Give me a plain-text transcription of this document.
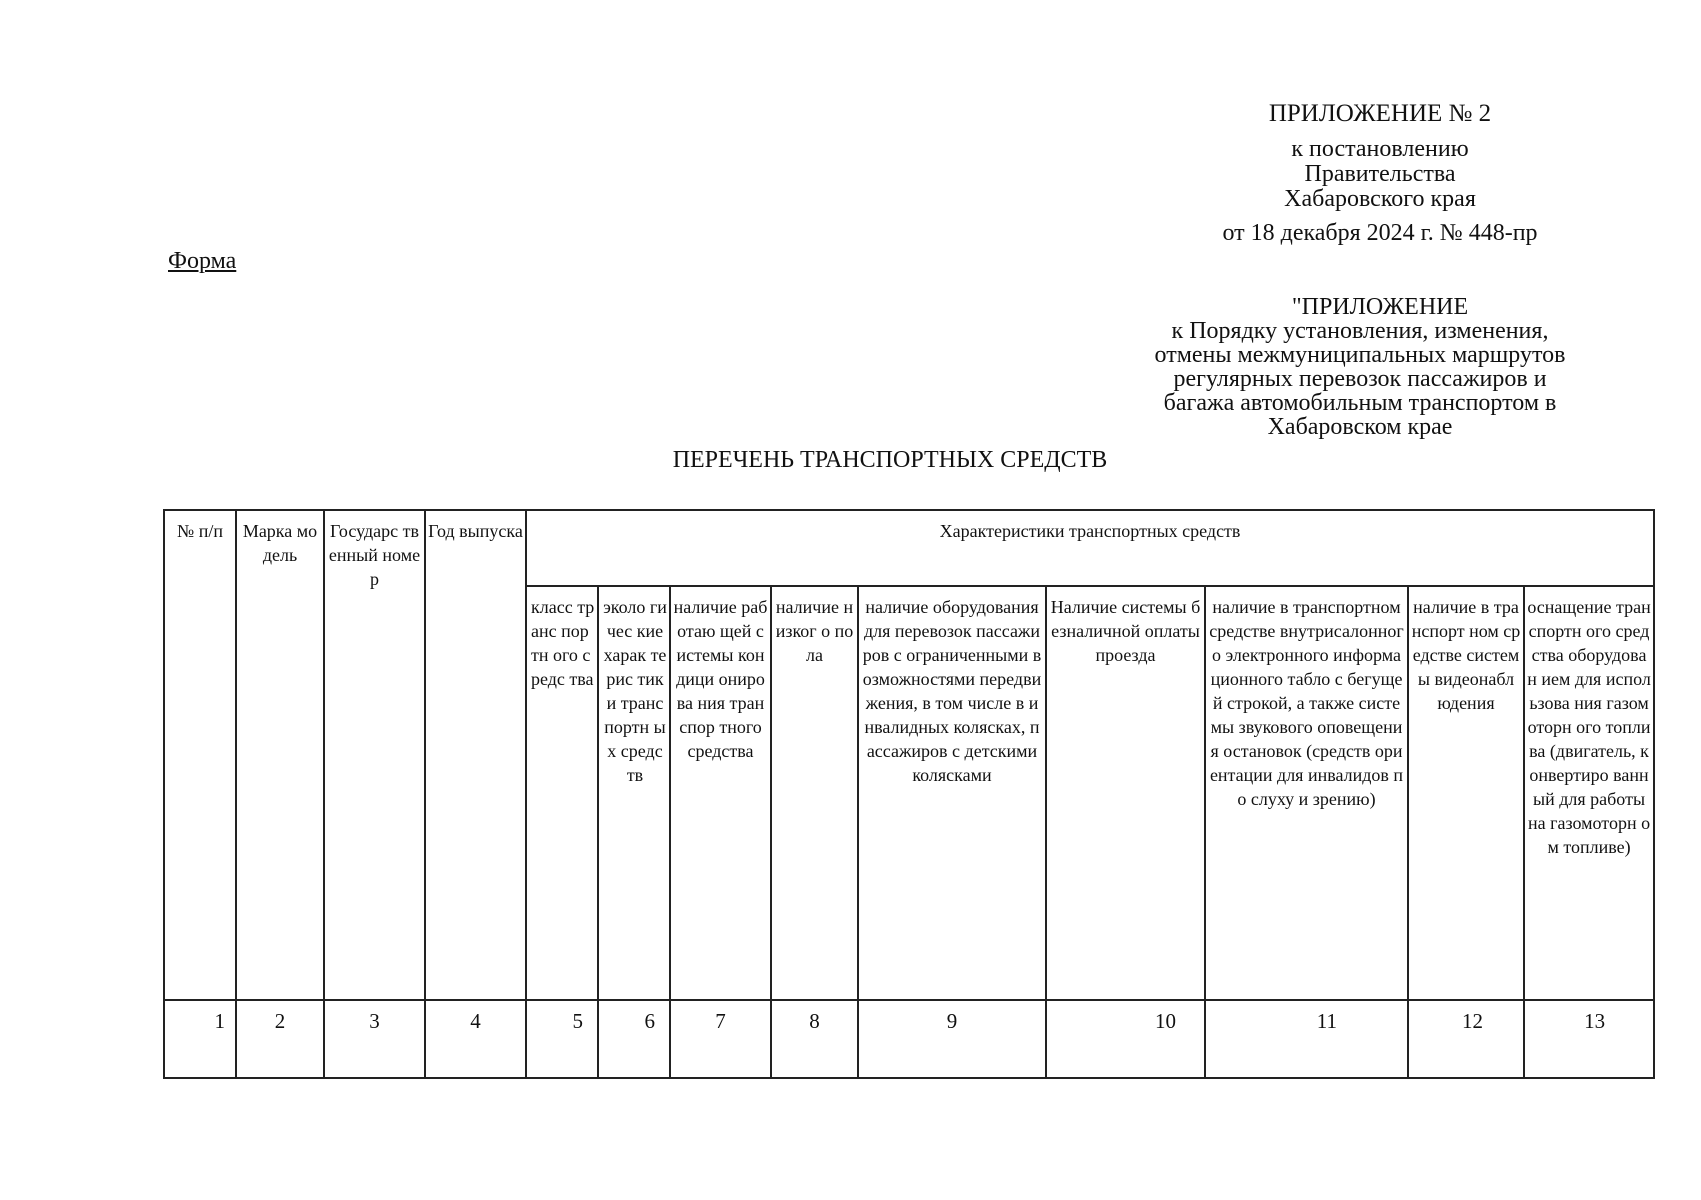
ПРИЛОЖЕНИЕ № 2
к постановлению
Правительства
Хабаровского края
от 18 декабря 2024 г. № 448-пр
Форма
"ПРИЛОЖЕНИЕ
к Порядку установления, изменения,
отмены межмуниципальных маршрутов
регулярных перевозок пассажиров и
багажа автомобильным транспортом в
Хабаровском крае
ПЕРЕЧЕНЬ ТРАНСПОРТНЫХ СРЕДСТВ
№ п/п	Марка модель	Государс твенный номер	Год выпуска	Характеристики транспортных средств								
				класс транс портн ого средс тва	эколо гичес кие харак терис тики транс портн ых средс тв	наличие работаю щей системы кондици онирова ния транспор тного средства	наличие низког о пола	наличие оборудования для перевозок пассажиров с ограниченными возможностями передвижения, в том числе в инвалидных колясках, пассажиров с детскими колясками	Наличие системы безналичной оплаты проезда	наличие в транспортном средстве внутрисалонного электронного информационного табло с бегущей строкой, а также системы звукового оповещения остановок (средств ориентации для инвалидов по слуху и зрению)	наличие в транспорт ном средстве системы видеонабл юдения	оснащение транспортн ого средства оборудован ием для использова ния газомоторн ого топлива (двигатель, конвертиро ванный для работы на газомоторн ом топливе)
1	2	3	4	5	6	7	8	9	10	11	12	13
